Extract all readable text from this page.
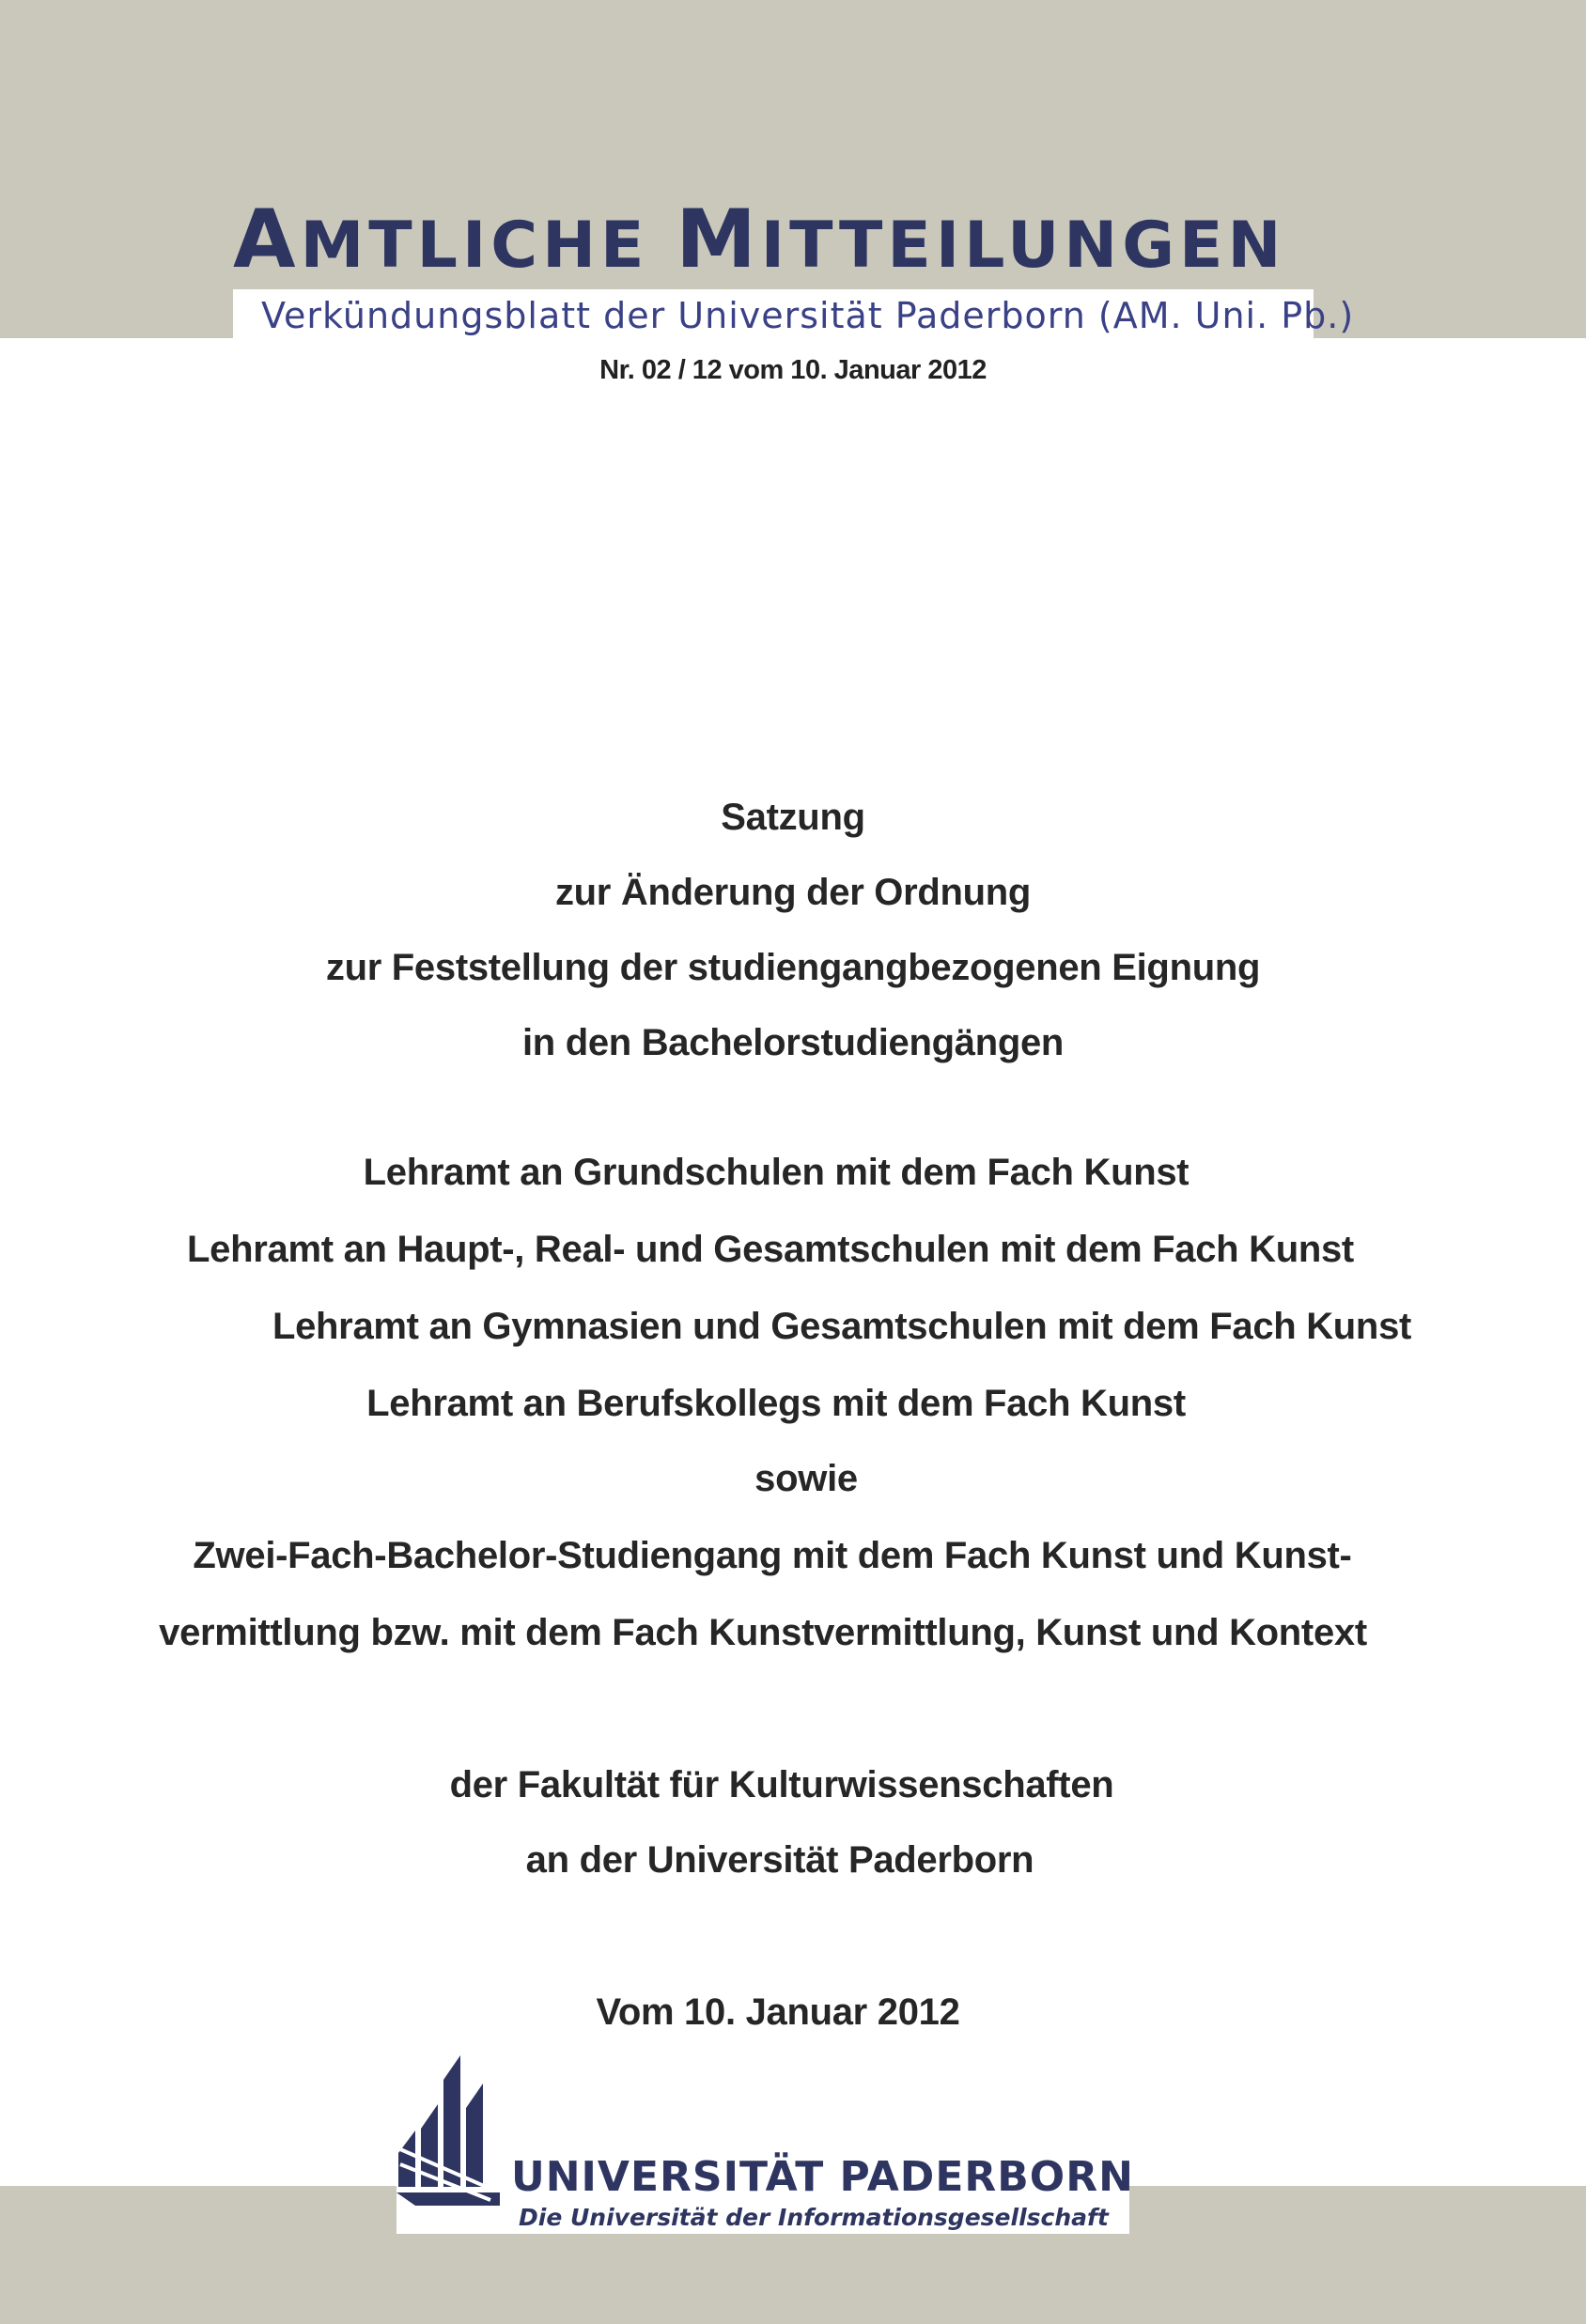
AMTLICHE MITTEILUNGEN
Verkündungsblatt der Universität Paderborn (AM. Uni. Pb.)
Nr. 02 / 12 vom 10. Januar 2012
Satzung
zur Änderung der Ordnung
zur Feststellung der studiengangbezogenen Eignung
in den Bachelorstudiengängen
Lehramt an Grundschulen mit dem Fach Kunst
Lehramt an Haupt-, Real- und Gesamtschulen mit dem Fach Kunst
Lehramt an Gymnasien und Gesamtschulen mit dem Fach Kunst
Lehramt an Berufskollegs mit dem Fach Kunst
sowie
Zwei-Fach-Bachelor-Studiengang mit dem Fach Kunst und Kunst-
vermittlung bzw. mit dem Fach Kunstvermittlung, Kunst und Kontext
der Fakultät für Kulturwissenschaften
an der Universität Paderborn
Vom 10. Januar 2012
UNIVERSITÄT PADERBORN
Die Universität der Informationsgesellschaft
